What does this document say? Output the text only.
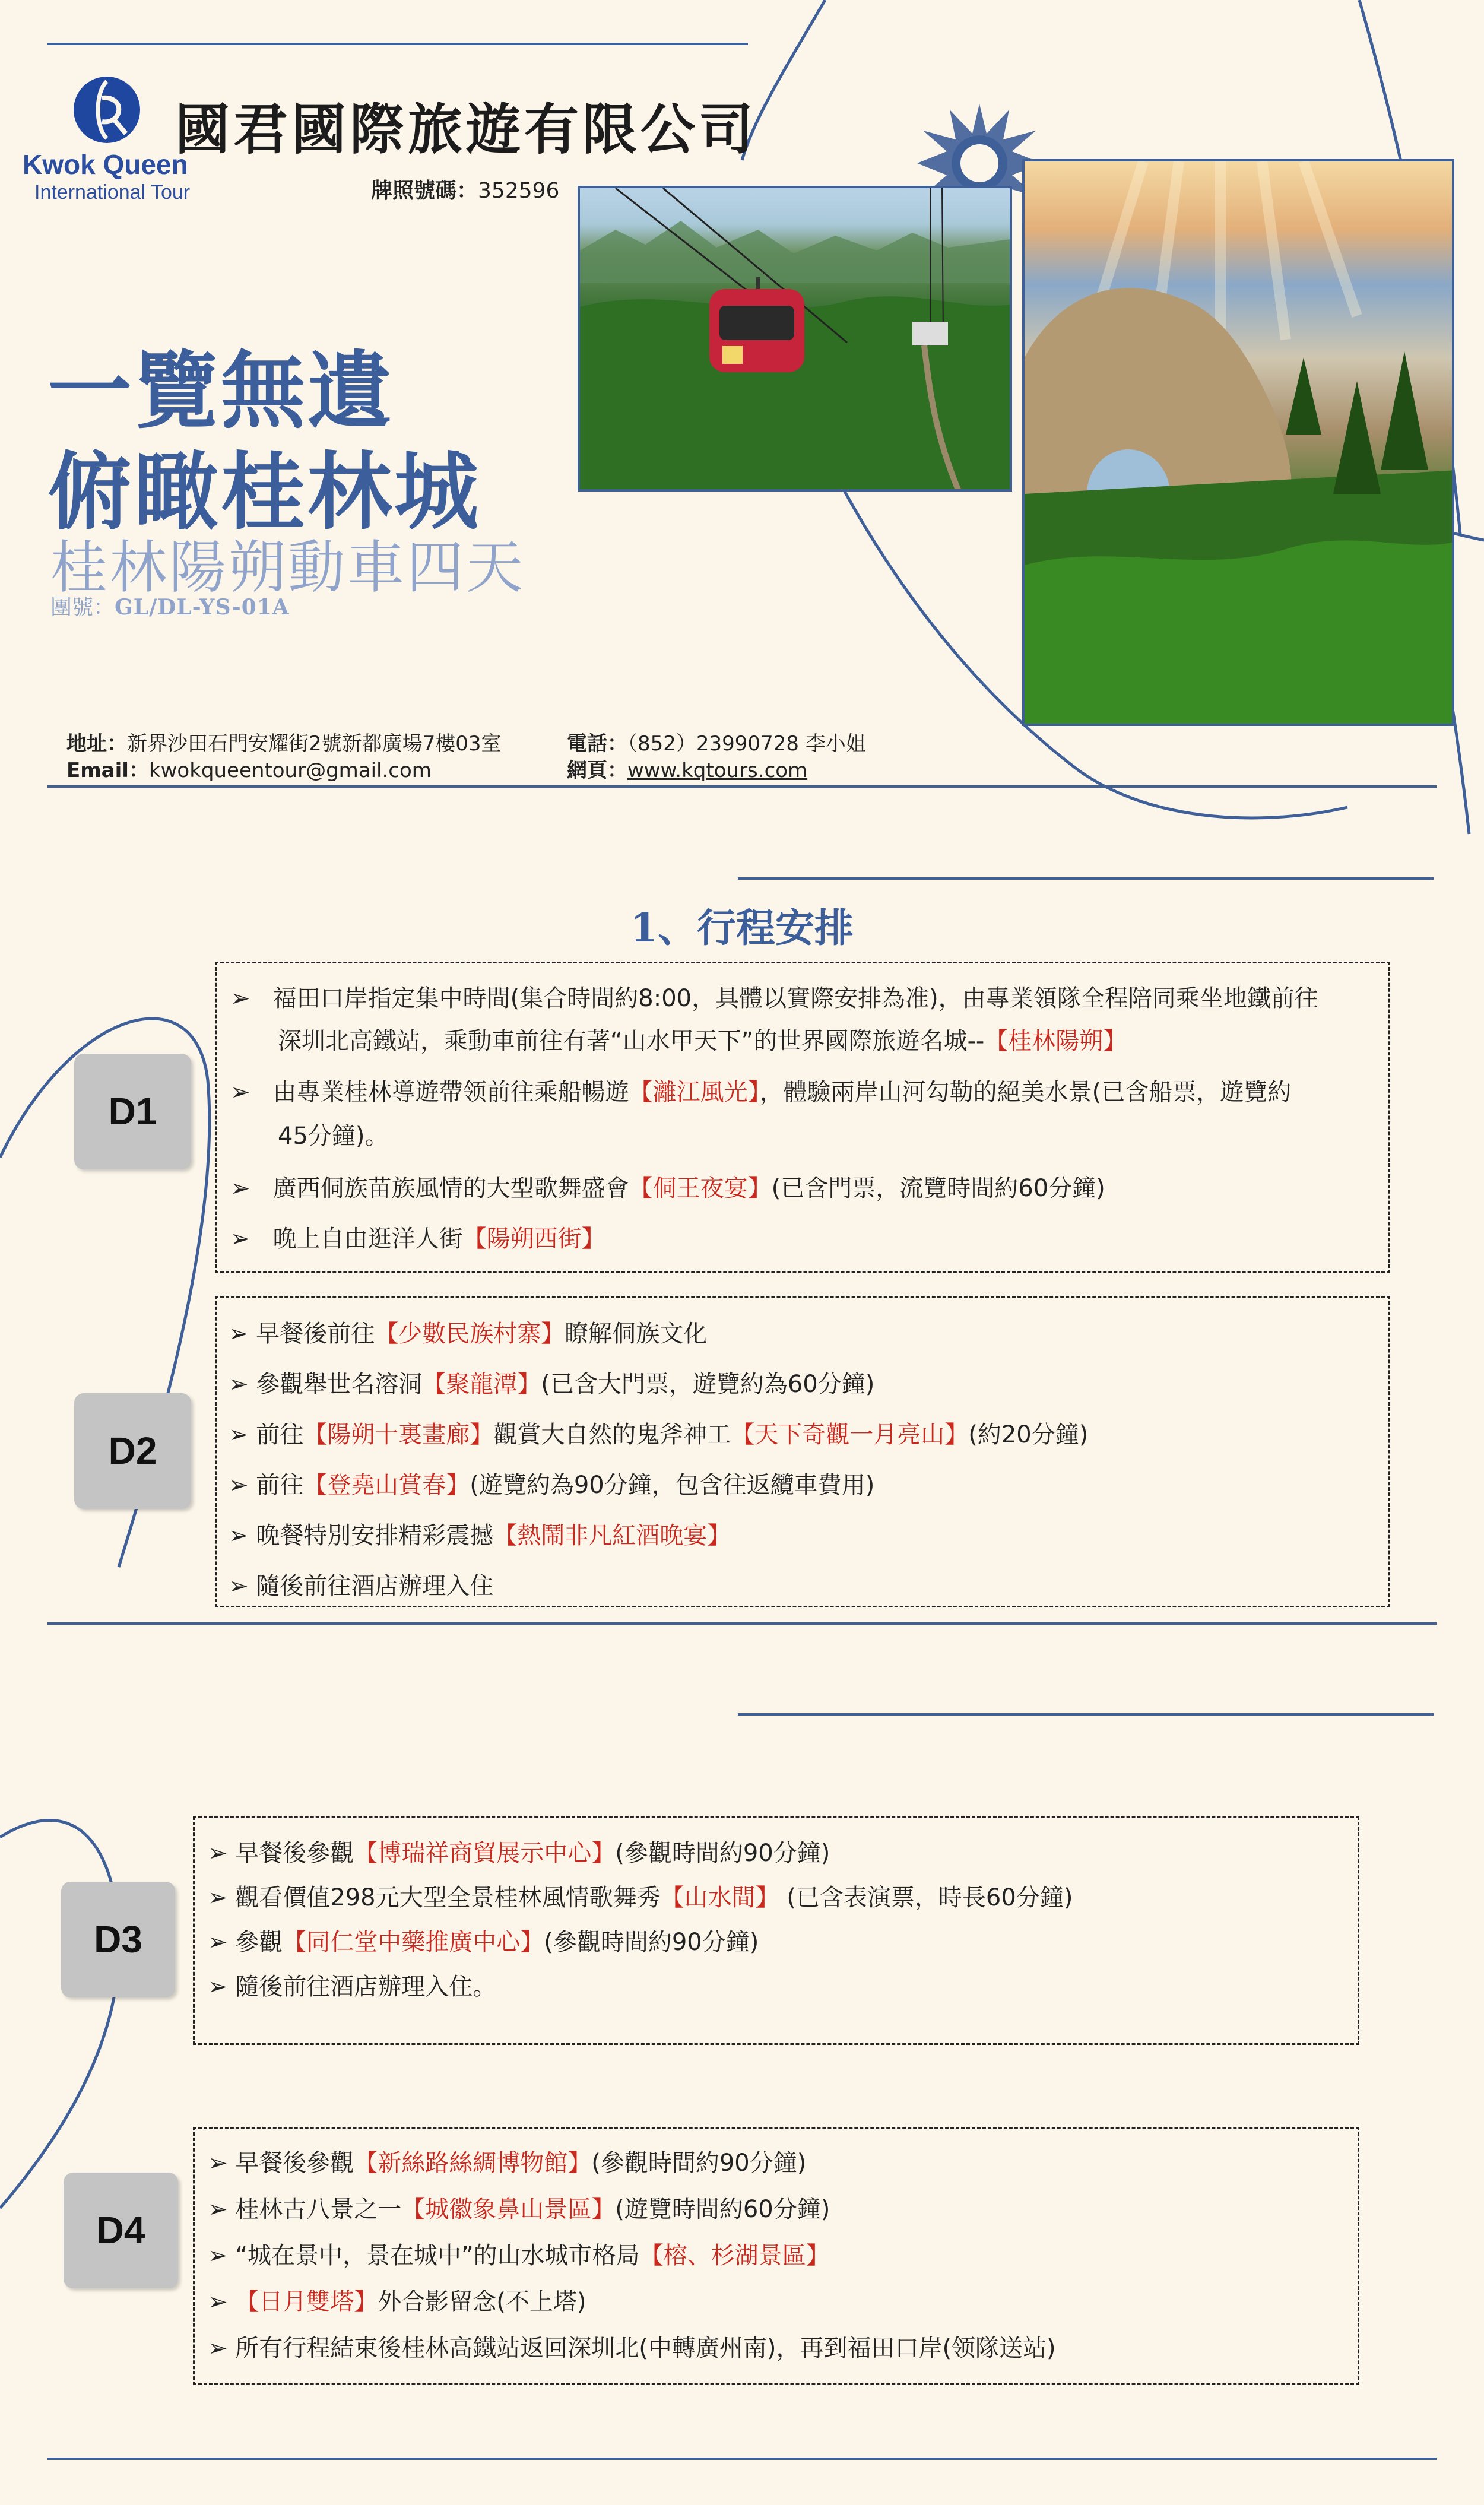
Kwok Queen
International Tour
國君國際旅遊有限公司
牌照號碼：352596
一覽無遺
俯瞰桂林城
桂林陽朔動車四天
團號：GL/DL-YS-01A
地址：新界沙田石門安耀街2號新都廣場7樓03室
Email：kwokqueentour@gmail.com
電話：（852）23990728 李小姐
網頁：www.kqtours.com
1、行程安排
D1
➢ 福田口岸指定集中時間(集合時間約8:00，具體以實際安排為准)，由專業領隊全程陪同乘坐地鐵前往
深圳北高鐵站，乘動車前往有著“山水甲天下”的世界國際旅遊名城--【桂林陽朔】
➢ 由專業桂林導遊帶领前往乘船暢遊【灕江風光】，體驗兩岸山河勾勒的絕美水景(已含船票，遊覽約
45分鐘)。
➢ 廣西侗族苗族風情的大型歌舞盛會【侗王夜宴】(已含門票，流覽時間約60分鐘)
➢ 晚上自由逛洋人街【陽朔西街】
D2
➢ 早餐後前往【少數民族村寨】瞭解侗族文化
➢ 參觀舉世名溶洞【聚龍潭】(已含大門票，遊覽約為60分鐘)
➢ 前往【陽朔十裏畫廊】觀賞大自然的鬼斧神工【天下奇觀一月亮山】(約20分鐘)
➢ 前往【登堯山賞春】(遊覽約為90分鐘，包含往返纜車費用)
➢ 晚餐特別安排精彩震撼【熱鬧非凡紅酒晚宴】
➢ 隨後前往酒店辦理入住
D3
➢ 早餐後參觀【博瑞祥商貿展示中心】(參觀時間約90分鐘)
➢ 觀看價值298元大型全景桂林風情歌舞秀【山水間】 (已含表演票，時長60分鐘)
➢ 參觀【同仁堂中藥推廣中心】(參觀時間約90分鐘)
➢ 隨後前往酒店辦理入住。
D4
➢ 早餐後參觀【新絲路絲綢博物館】(參觀時間約90分鐘)
➢ 桂林古八景之一【城徽象鼻山景區】(遊覽時間約60分鐘)
➢ “城在景中，景在城中”的山水城市格局【榕、杉湖景區】
➢ 【日月雙塔】外合影留念(不上塔)
➢ 所有行程結束後桂林高鐵站返回深圳北(中轉廣州南)，再到福田口岸(领隊送站)
